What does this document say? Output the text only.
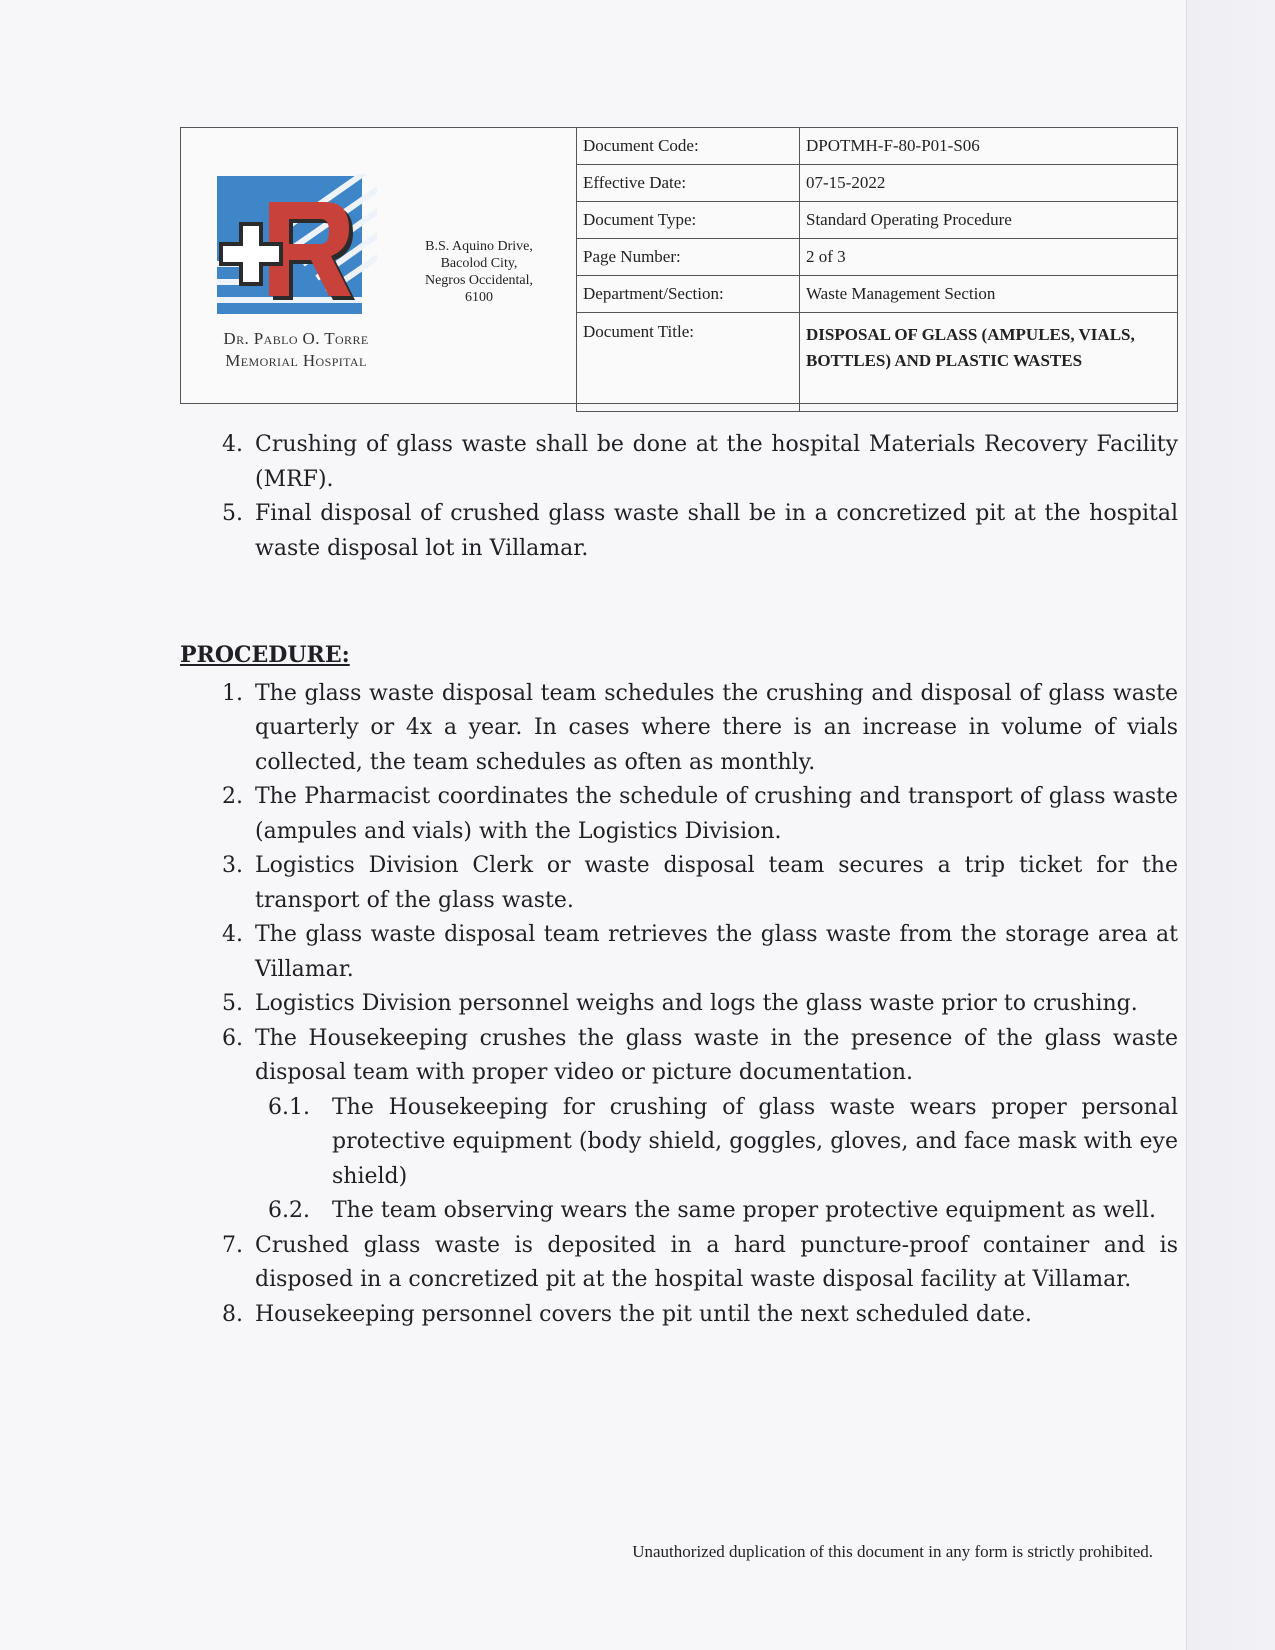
Dr. Pablo O. Torre
Memorial Hospital
B.S. Aquino Drive,
Bacolod City,
Negros Occidental,
6100
Document Code:	DPOTMH-F-80-P01-S06
Effective Date:	07-15-2022
Document Type:	Standard Operating Procedure
Page Number:	2 of 3
Department/Section:	Waste Management Section
Document Title:	DISPOSAL OF GLASS (AMPULES, VIALS, BOTTLES) AND PLASTIC WASTES
4. Crushing of glass waste shall be done at the hospital Materials Recovery Facility (MRF).
5. Final disposal of crushed glass waste shall be in a concretized pit at the hospital waste disposal lot in Villamar.
PROCEDURE:
1. The glass waste disposal team schedules the crushing and disposal of glass waste quarterly or 4x a year. In cases where there is an increase in volume of vials collected, the team schedules as often as monthly.
2. The Pharmacist coordinates the schedule of crushing and transport of glass waste (ampules and vials) with the Logistics Division.
3. Logistics Division Clerk or waste disposal team secures a trip ticket for the transport of the glass waste.
4. The glass waste disposal team retrieves the glass waste from the storage area at Villamar.
5. Logistics Division personnel weighs and logs the glass waste prior to crushing.
6. The Housekeeping crushes the glass waste in the presence of the glass waste disposal team with proper video or picture documentation.
6.1. The Housekeeping for crushing of glass waste wears proper personal protective equipment (body shield, goggles, gloves, and face mask with eye shield)
6.2. The team observing wears the same proper protective equipment as well.
7. Crushed glass waste is deposited in a hard puncture-proof container and is disposed in a concretized pit at the hospital waste disposal facility at Villamar.
8. Housekeeping personnel covers the pit until the next scheduled date.
Unauthorized duplication of this document in any form is strictly prohibited.
